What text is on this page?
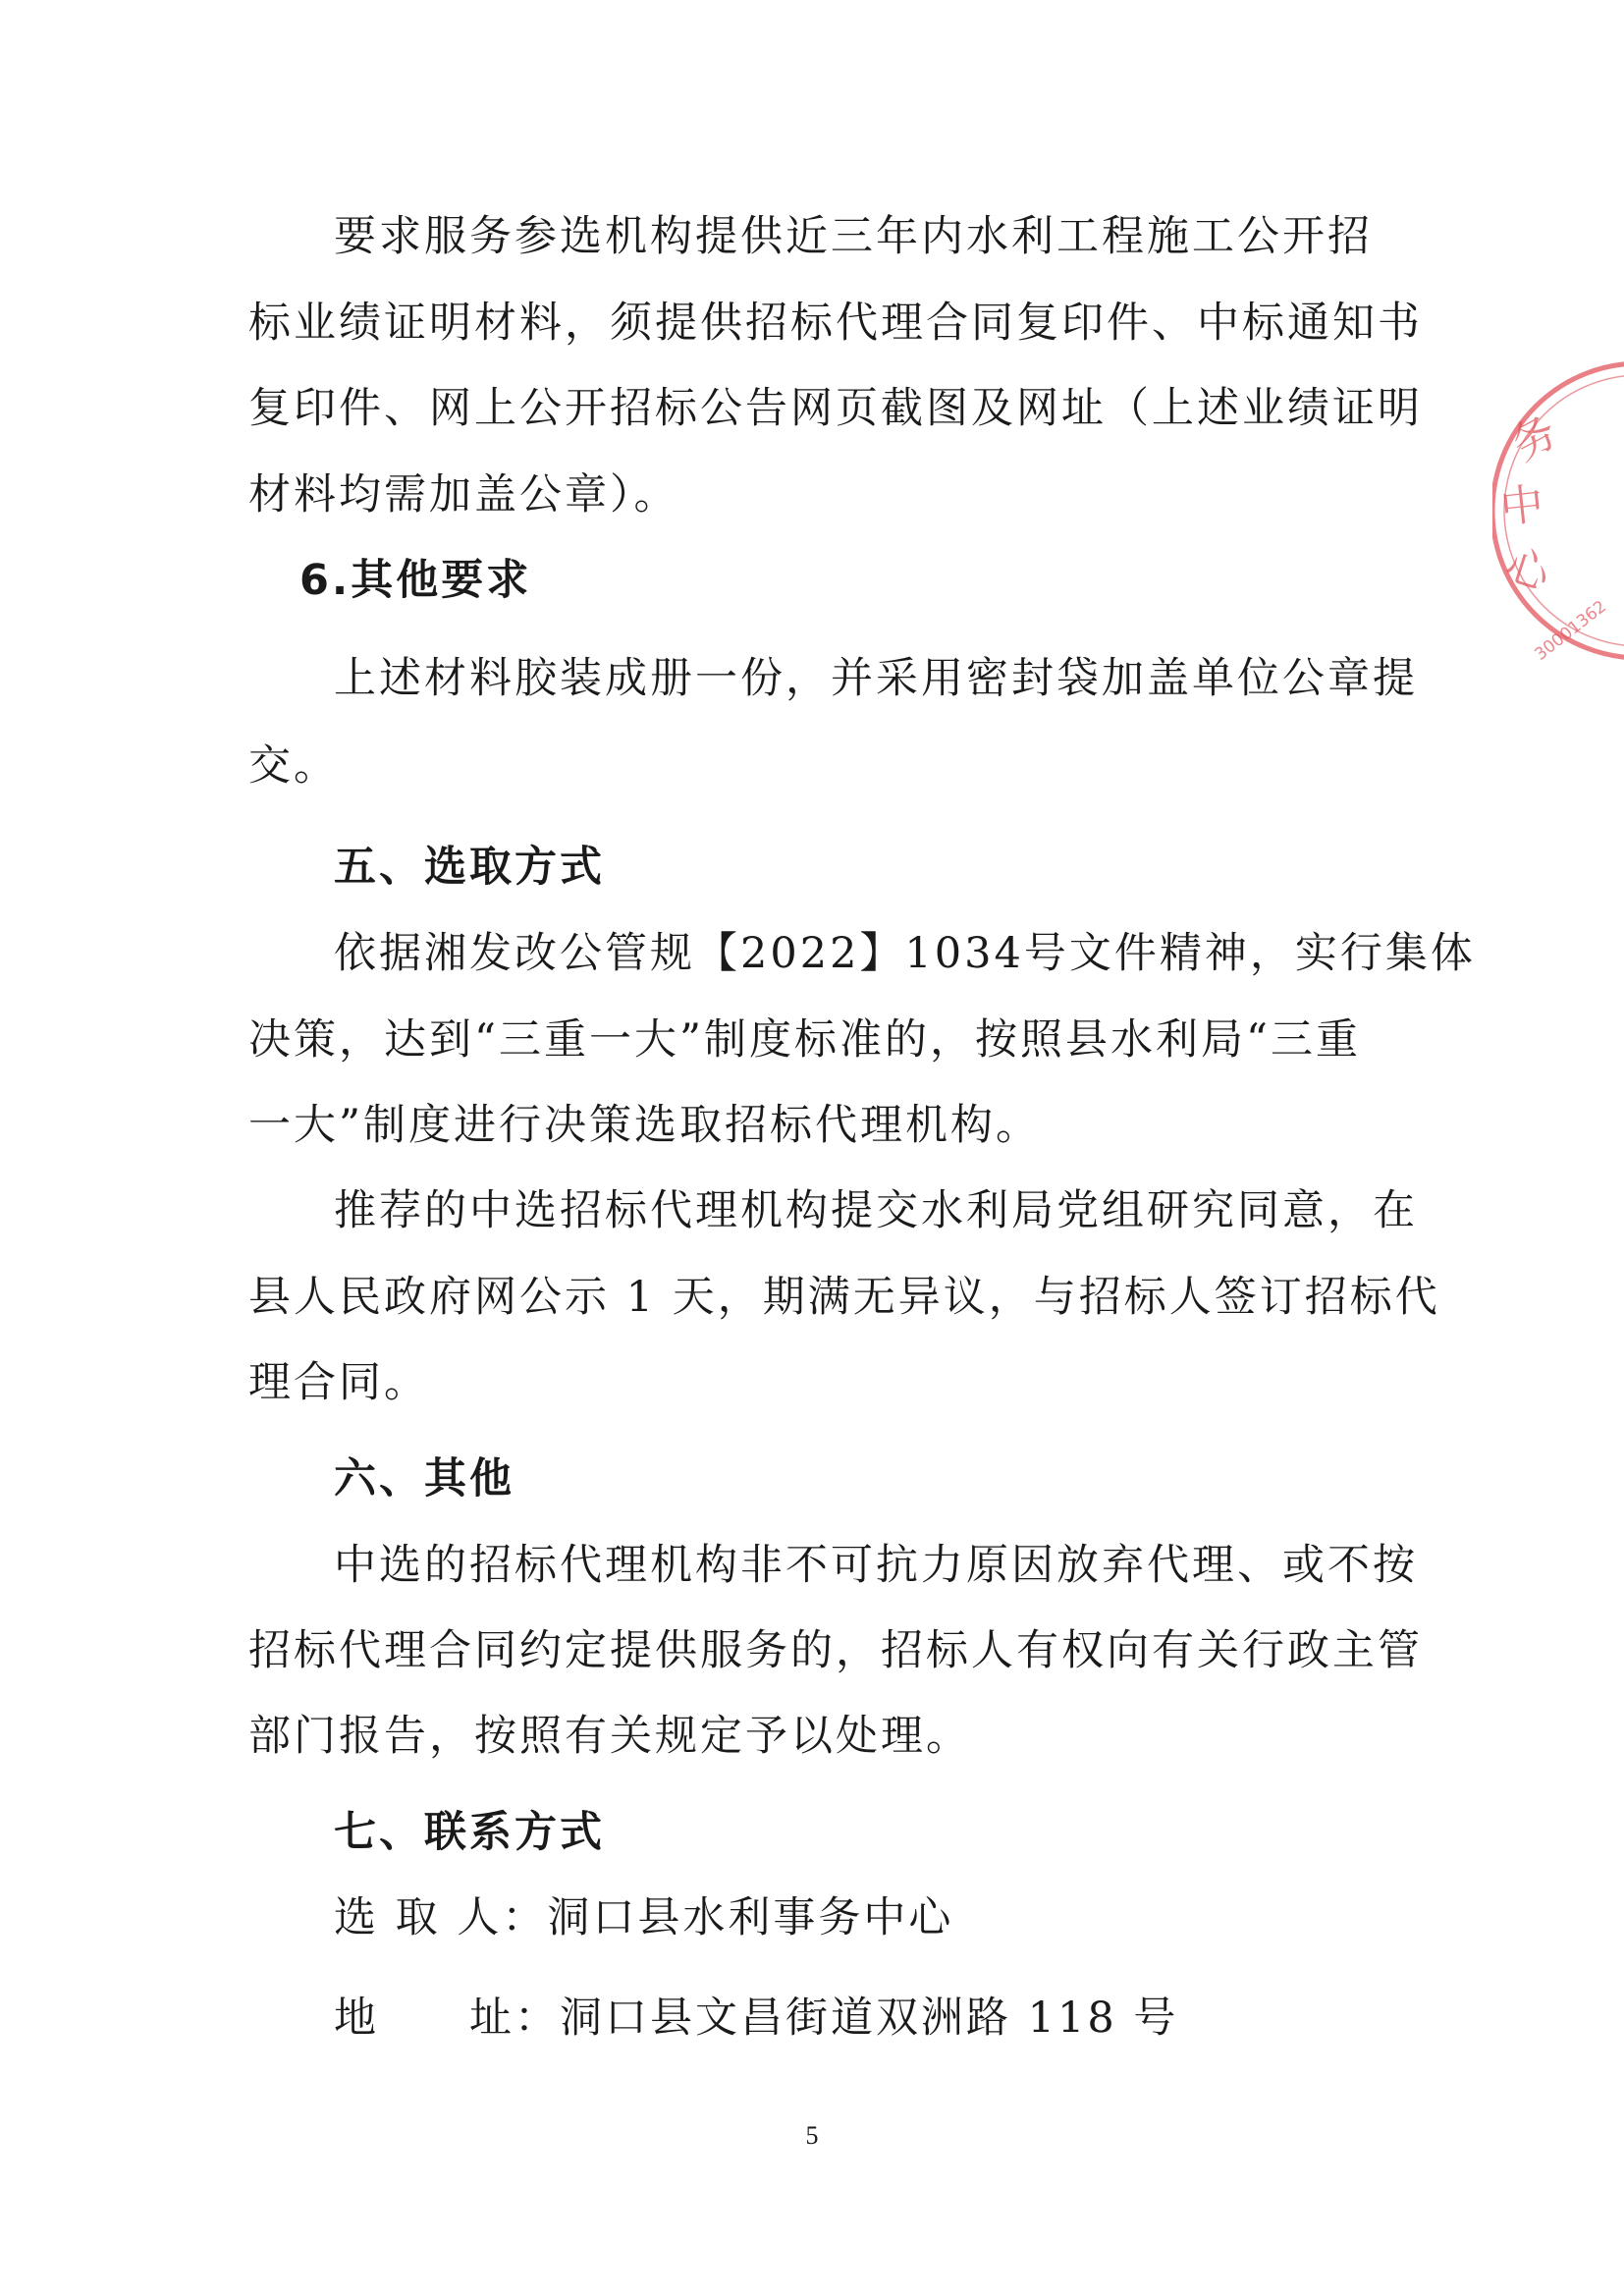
要求服务参选机构提供近三年内水利工程施工公开招
标业绩证明材料，须提供招标代理合同复印件、中标通知书
复印件、网上公开招标公告网页截图及网址（上述业绩证明
材料均需加盖公章）。
6.其他要求
上述材料胶装成册一份，并采用密封袋加盖单位公章提
交。
五、选取方式
依据湘发改公管规【2022】1034号文件精神，实行集体
决策，达到“三重一大”制度标准的，按照县水利局“三重
一大”制度进行决策选取招标代理机构。
推荐的中选招标代理机构提交水利局党组研究同意，在
县人民政府网公示 1 天，期满无异议，与招标人签订招标代
理合同。
六、其他
中选的招标代理机构非不可抗力原因放弃代理、或不按
招标代理合同约定提供服务的，招标人有权向有关行政主管
部门报告，按照有关规定予以处理。
七、联系方式
选 取 人：洞口县水利事务中心
地　　址：洞口县文昌街道双洲路 118 号
5
务
中
心
30001362
